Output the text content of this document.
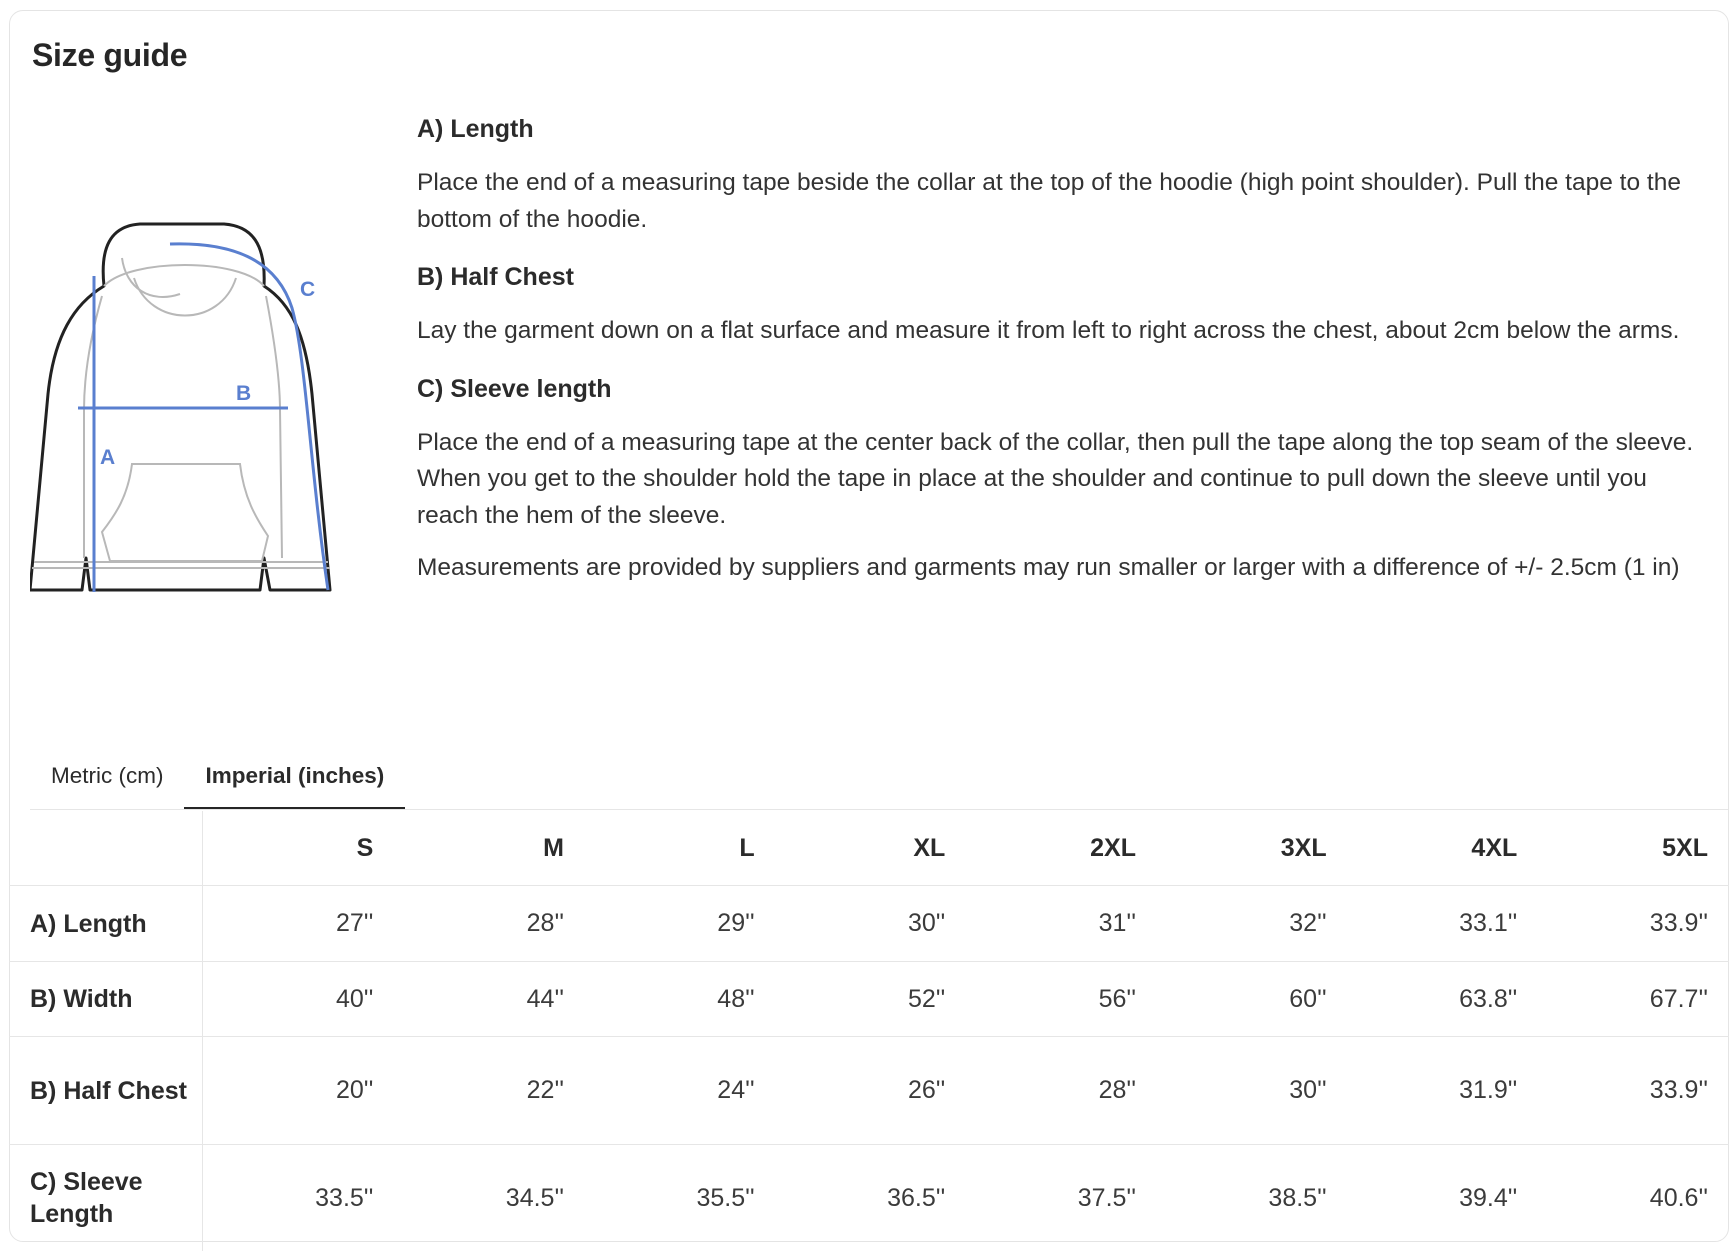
Size guide
A
B
C
A) Length

Place the end of a measuring tape beside the collar at the top of the hoodie (high point shoulder). Pull the tape to the bottom of the hoodie.

B) Half Chest

Lay the garment down on a flat surface and measure it from left to right across the chest, about 2cm below the arms.

C) Sleeve length

Place the end of a measuring tape at the center back of the collar, then pull the tape along the top seam of the sleeve. When you get to the shoulder hold the tape in place at the shoulder and continue to pull down the sleeve until you reach the hem of the sleeve.

Measurements are provided by suppliers and garments may run smaller or larger with a difference of +/- 2.5cm (1 in)

Metric (cm)	Imperial (inches)
	S	M	L	XL	2XL	3XL	4XL	5XL
A) Length	27''	28''	29''	30''	31''	32''	33.1''	33.9''
B) Width	40''	44''	48''	52''	56''	60''	63.8''	67.7''
B) Half Chest	20''	22''	24''	26''	28''	30''	31.9''	33.9''
C) Sleeve Length	33.5''	34.5''	35.5''	36.5''	37.5''	38.5''	39.4''	40.6''
